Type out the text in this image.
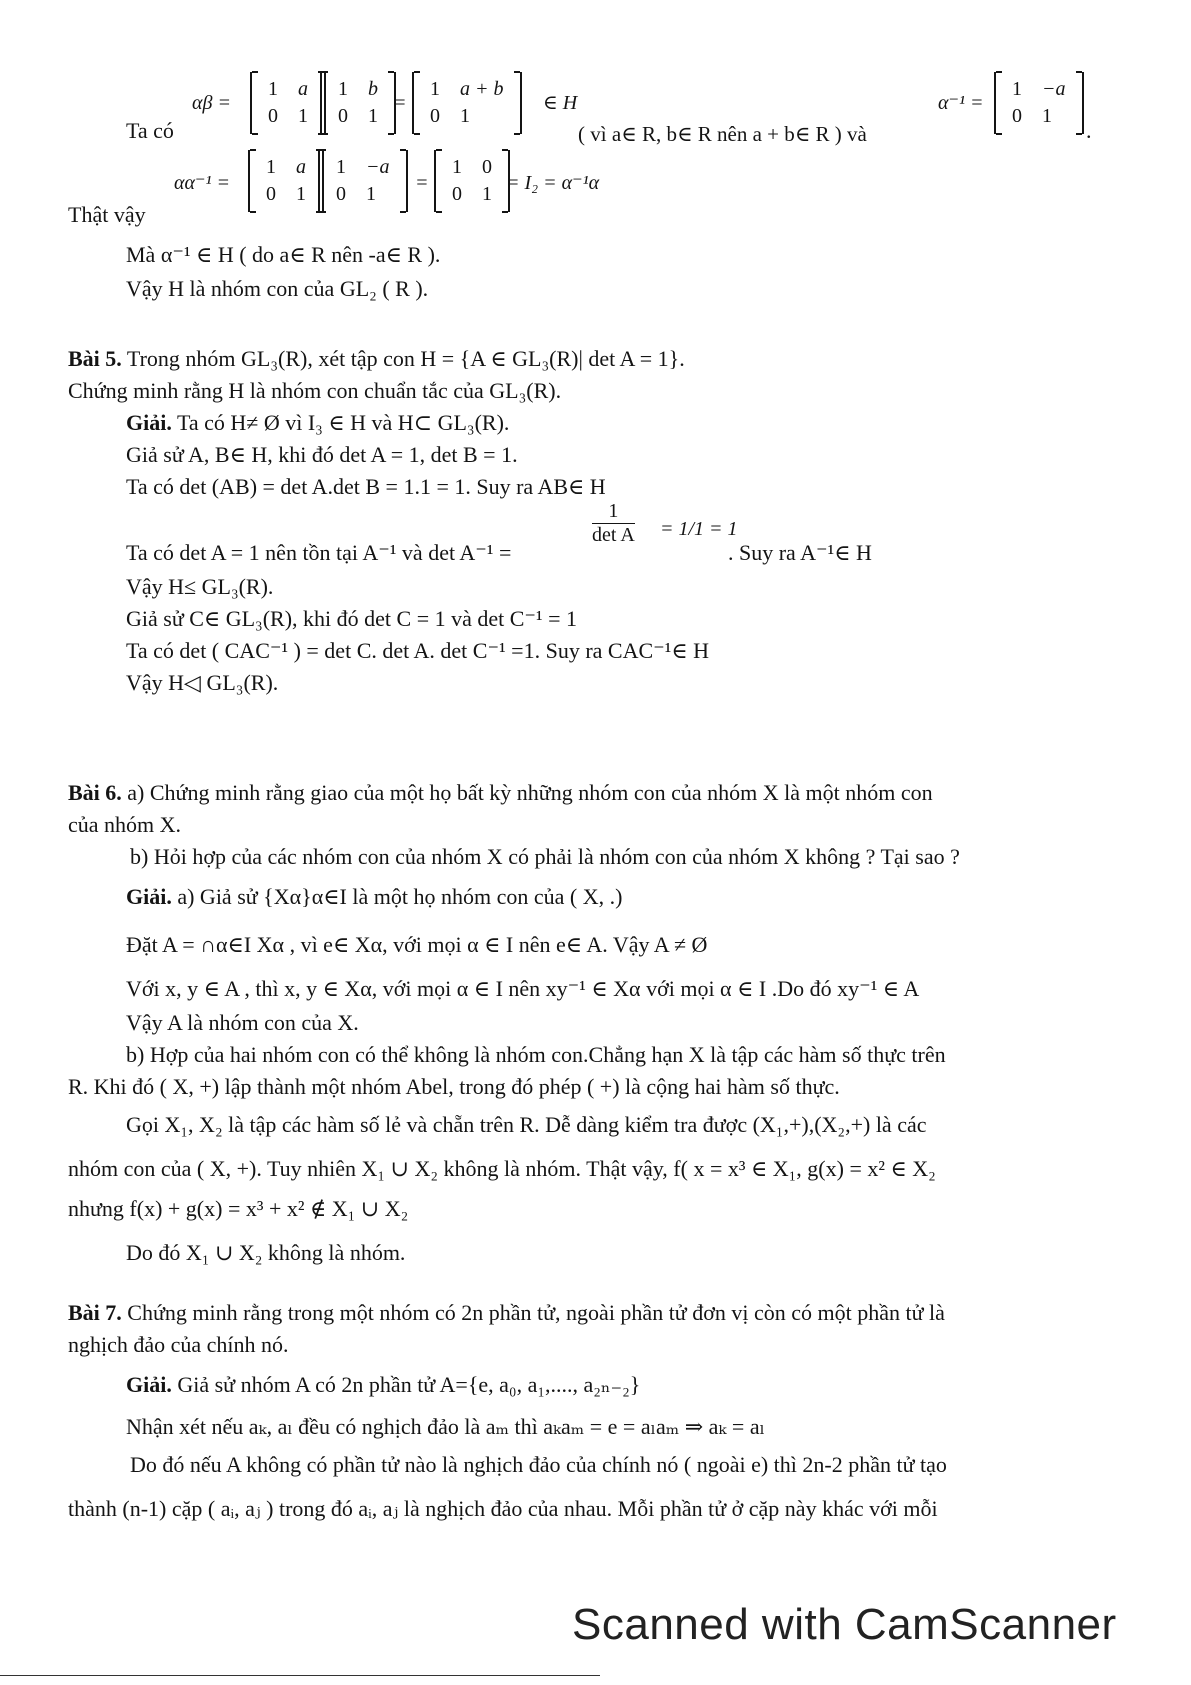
Ta có
αβ =
1	a
0	1
1	b
0	1
=
1	a + b
0	1
∈ H
( vì a∈ R, b∈ R nên a + b∈ R ) và
α⁻¹ =
1	−a
0	1
.
Thật vậy
αα⁻¹ =
1	a
0	1
1	−a
0	1 =
1	0
0	1 = I₂ = α⁻¹α
Mà α⁻¹ ∈ H ( do a∈ R nên -a∈ R ).
Vậy H là nhóm con của GL₂ ( R ).
Bài 5. Trong nhóm GL₃(R), xét tập con H = {A ∈ GL₃(R)| det A = 1}.
Chứng minh rằng H là nhóm con chuẩn tắc của GL₃(R).
Giải. Ta có H≠ Ø vì I₃ ∈ H và H⊂ GL₃(R).
Giả sử A, B∈ H, khi đó det A = 1, det B = 1.
Ta có det (AB) = det A.det B = 1.1 = 1. Suy ra AB∈ H
Ta có det A = 1 nên tồn tại A⁻¹ và det A⁻¹ =
1
det A = 1/1 = 1
. Suy ra A⁻¹∈ H
Vậy H≤ GL₃(R).
Giả sử C∈ GL₃(R), khi đó det C = 1 và det C⁻¹ = 1
Ta có det ( CAC⁻¹ ) = det C. det A. det C⁻¹ =1. Suy ra CAC⁻¹∈ H
Vậy H◁ GL₃(R).
Bài 6. a) Chứng minh rằng giao của một họ bất kỳ những nhóm con của nhóm X là một nhóm con
của nhóm X.
b) Hỏi hợp của các nhóm con của nhóm X có phải là nhóm con của nhóm X không ? Tại sao ?
Giải. a) Giả sử {Xα}α∈I là một họ nhóm con của ( X, .)
Đặt A = ∩α∈I Xα , vì e∈ Xα, với mọi α ∈ I nên e∈ A. Vậy A ≠ Ø
Với x, y ∈ A , thì x, y ∈ Xα, với mọi α ∈ I nên xy⁻¹ ∈ Xα với mọi α ∈ I .Do đó xy⁻¹ ∈ A
Vậy A là nhóm con của X.
b) Hợp của hai nhóm con có thể không là nhóm con.Chẳng hạn X là tập các hàm số thực trên
R. Khi đó ( X, +) lập thành một nhóm Abel, trong đó phép ( +) là cộng hai hàm số thực.
Gọi X₁, X₂ là tập các hàm số lẻ và chẵn trên R. Dễ dàng kiểm tra được (X₁,+),(X₂,+) là các
nhóm con của ( X, +). Tuy nhiên X₁ ∪ X₂ không là nhóm. Thật vậy, f( x = x³ ∈ X₁, g(x) = x² ∈ X₂
nhưng f(x) + g(x) = x³ + x² ∉ X₁ ∪ X₂
Do đó X₁ ∪ X₂ không là nhóm.
Bài 7. Chứng minh rằng trong một nhóm có 2n phần tử, ngoài phần tử đơn vị còn có một phần tử là
nghịch đảo của chính nó.
Giải. Giả sử nhóm A có 2n phần tử A={e, a₀, a₁,...., a₂ₙ₋₂}
Nhận xét nếu aₖ, aₗ đều có nghịch đảo là aₘ thì aₖaₘ = e = aₗaₘ ⇒ aₖ = aₗ
Do đó nếu A không có phần tử nào là nghịch đảo của chính nó ( ngoài e) thì 2n-2 phần tử tạo
thành (n-1) cặp ( aᵢ, aⱼ ) trong đó aᵢ, aⱼ là nghịch đảo của nhau. Mỗi phần tử ở cặp này khác với mỗi
Scanned with CamScanner
